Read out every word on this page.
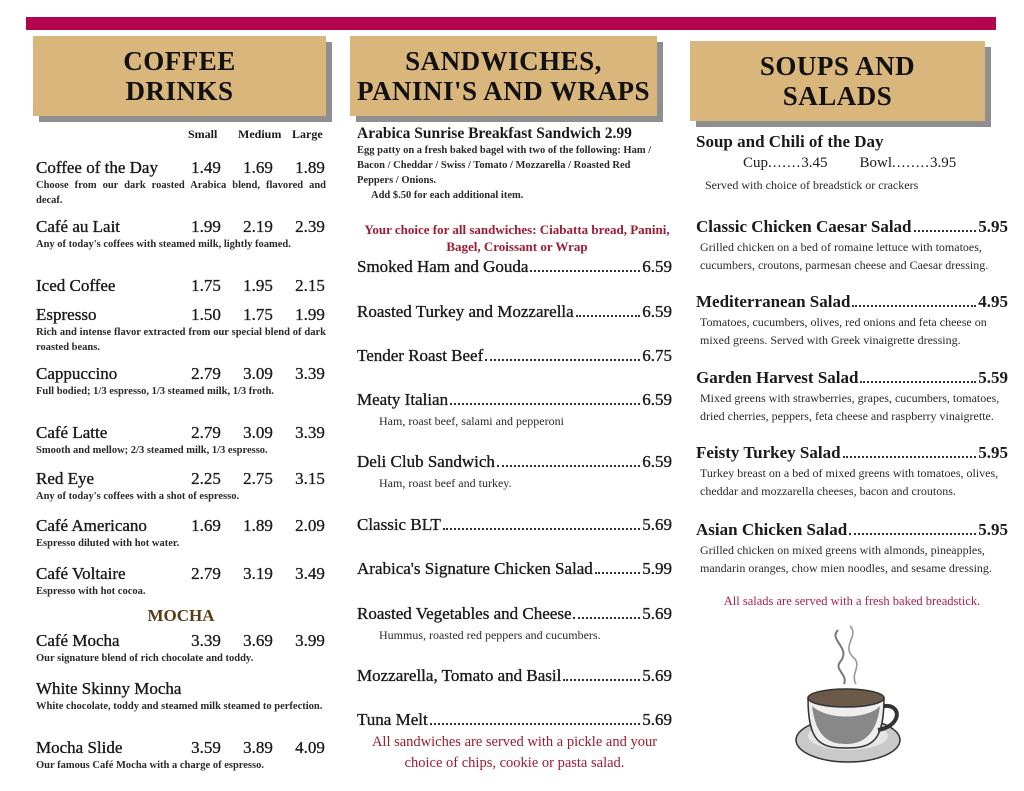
COFFEE
DRINKS
SANDWICHES,
PANINI'S AND WRAPS
SOUPS AND
SALADS
Small Medium Large
Coffee of the Day	1.49	1.69	1.89
Choose from our dark roasted Arabica blend, flavored and decaf.
Café au Lait	1.99	2.19	2.39
Any of today's coffees with steamed milk, lightly foamed.
Iced Coffee	1.75	1.95	2.15
Espresso	1.50	1.75	1.99
Rich and intense flavor extracted from our special blend of dark roasted beans.
Cappuccino	2.79	3.09	3.39
Full bodied; 1/3 espresso, 1/3 steamed milk, 1/3 froth.
Café Latte	2.79	3.09	3.39
Smooth and mellow; 2/3 steamed milk, 1/3 espresso.
Red Eye	2.25	2.75	3.15
Any of today's coffees with a shot of espresso.
Café Americano	1.69	1.89	2.09
Espresso diluted with hot water.
Café Voltaire	2.79	3.19	3.49
Espresso with hot cocoa.
MOCHA
Café Mocha	3.39	3.69	3.99
Our signature blend of rich chocolate and toddy.
White Skinny Mocha
White chocolate, toddy and steamed milk steamed to perfection.
Mocha Slide	3.59	3.89	4.09
Our famous Café Mocha with a charge of espresso.
Arabica Sunrise Breakfast Sandwich 2.99
Egg patty on a fresh baked bagel with two of the following: Ham / Bacon / Cheddar / Swiss / Tomato / Mozzarella / Roasted Red Peppers / Onions.
Add $.50 for each additional item.
Your choice for all sandwiches: Ciabatta bread, Panini, Bagel, Croissant or Wrap
Smoked Ham and Gouda	6.59
Roasted Turkey and Mozzarella	6.59
Tender Roast Beef	6.75
Meaty Italian	6.59
Ham, roast beef, salami and pepperoni
Deli Club Sandwich	6.59
Ham, roast beef and turkey.
Classic BLT	5.69
Arabica's Signature Chicken Salad	5.99
Roasted Vegetables and Cheese	5.69
Hummus, roasted red peppers and cucumbers.
Mozzarella, Tomato and Basil	5.69
Tuna Melt	5.69
All sandwiches are served with a pickle and your choice of chips, cookie or pasta salad.
Soup and Chili of the Day
Cup.......3.45 Bowl........3.95
Served with choice of breadstick or crackers
Classic Chicken Caesar Salad	5.95
Grilled chicken on a bed of romaine lettuce with tomatoes, cucumbers, croutons, parmesan cheese and Caesar dressing.
Mediterranean Salad	4.95
Tomatoes, cucumbers, olives, red onions and feta cheese on mixed greens. Served with Greek vinaigrette dressing.
Garden Harvest Salad	5.59
Mixed greens with strawberries, grapes, cucumbers, tomatoes, dried cherries, peppers, feta cheese and raspberry vinaigrette.
Feisty Turkey Salad	5.95
Turkey breast on a bed of mixed greens with tomatoes, olives, cheddar and mozzarella cheeses, bacon and croutons.
Asian Chicken Salad	5.95
Grilled chicken on mixed greens with almonds, pineapples, mandarin oranges, chow mien noodles, and sesame dressing.
All salads are served with a fresh baked breadstick.
